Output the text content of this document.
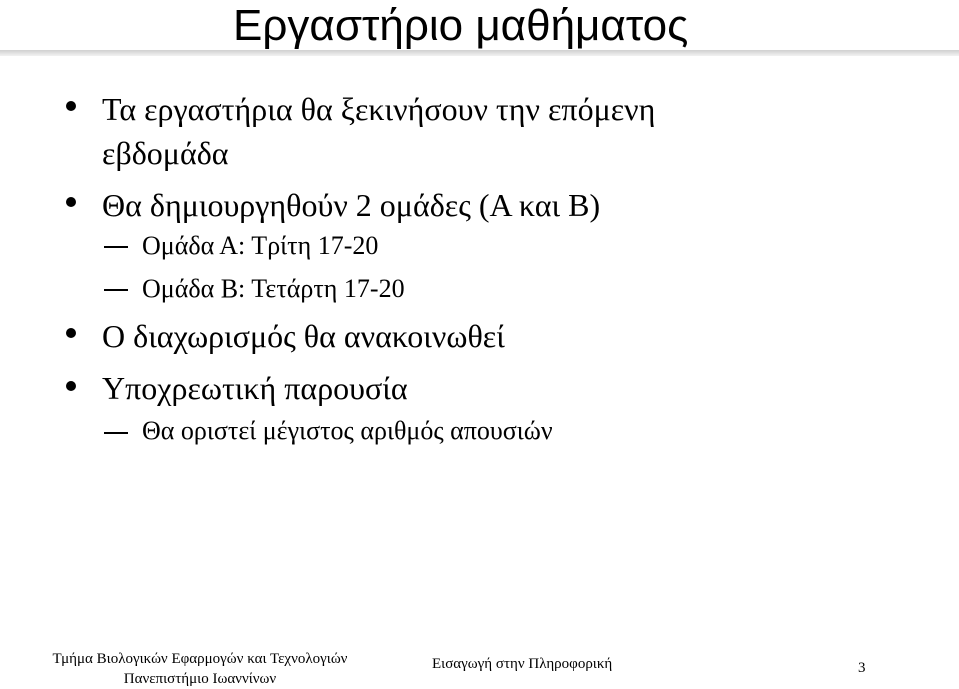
Εργαστήριο μαθήματος
Τα εργαστήρια θα ξεκινήσουν την επόμενη
εβδομάδα
Θα δημιουργηθούν 2 ομάδες (Α και Β)
Ομάδα Α: Τρίτη 17-20
Ομάδα Β: Τετάρτη 17-20
Ο διαχωρισμός θα ανακοινωθεί
Υποχρεωτική παρουσία
Θα οριστεί μέγιστος αριθμός απουσιών
Τμήμα Βιολογικών Εφαρμογών και Τεχνολογιών
Πανεπιστήμιο Ιωαννίνων
Εισαγωγή στην Πληροφορική	3
